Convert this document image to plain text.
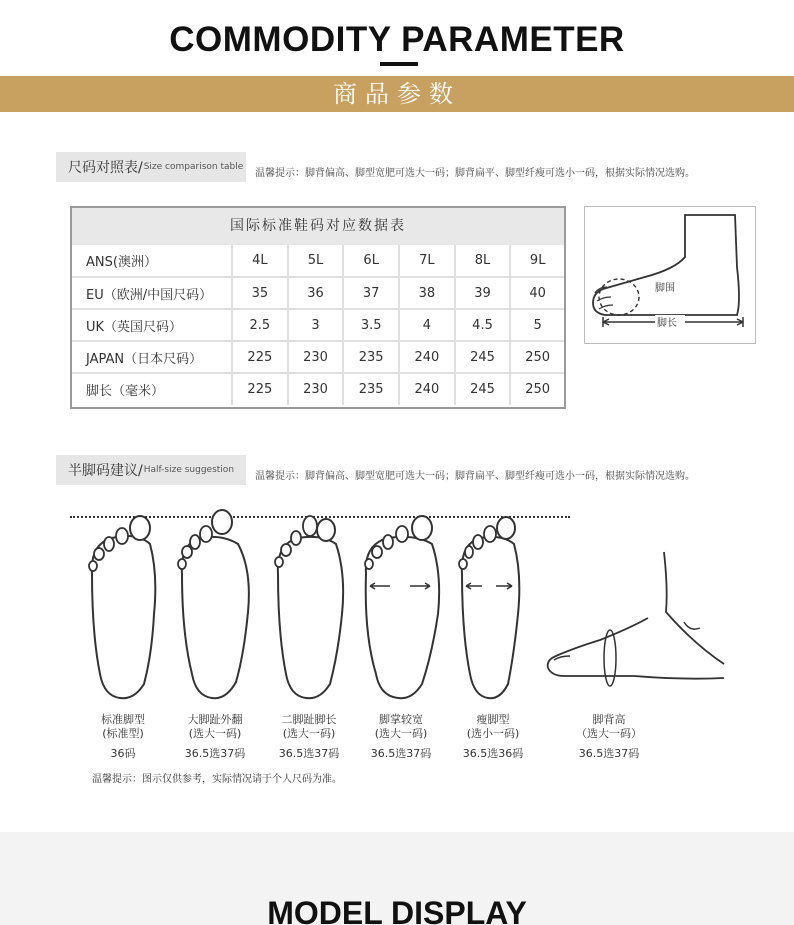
COMMODITY PARAMETER
商品参数
尺码对照表/ Size comparison table
温馨提示：脚背偏高、脚型宽肥可选大一码；脚背扁平、脚型纤瘦可选小一码，根据实际情况选购。
国际标准鞋码对应数据表
ANS(澳洲）	4L	5L	6L	7L	8L	9L
EU（欧洲/中国尺码）	35	36	37	38	39	40
UK（英国尺码）	2.5	3	3.5	4	4.5	5
JAPAN（日本尺码）	225	230	235	240	245	250
脚长（毫米）	225	230	235	240	245	250
脚围
脚长
半脚码建议/ Half-size suggestion
温馨提示：脚背偏高、脚型宽肥可选大一码；脚背扁平、脚型纤瘦可选小一码，根据实际情况选购。
标准脚型
(标准型)
36码
大脚趾外翻
(选大一码)
36.5选37码
二脚趾脚长
(选大一码)
36.5选37码
脚掌较宽
(选大一码)
36.5选37码
瘦脚型
(选小一码)
36.5选36码
脚背高
（选大一码）
36.5选37码
温馨提示：图示仅供参考，实际情况请于个人尺码为准。
MODEL DISPLAY
